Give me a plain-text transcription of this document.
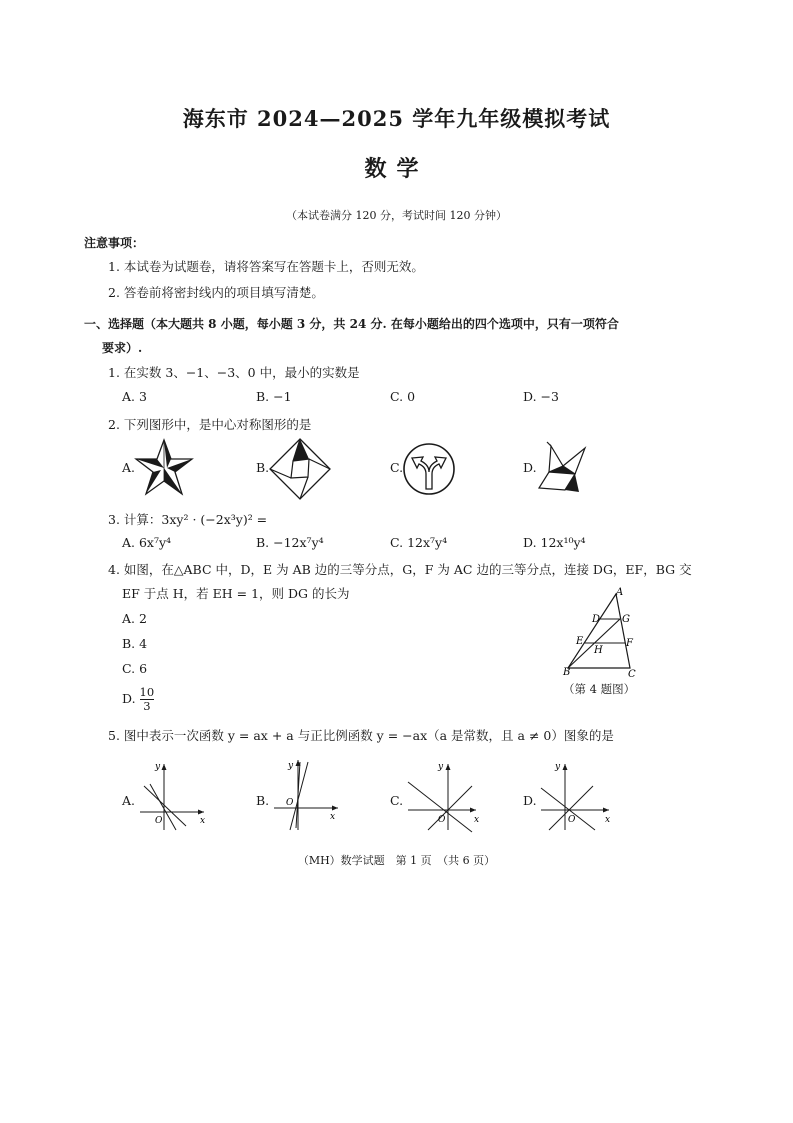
海东市 2024—2025 学年九年级模拟考试
数学
（本试卷满分 120 分，考试时间 120 分钟）
注意事项：
1. 本试卷为试题卷，请将答案写在答题卡上，否则无效。
2. 答卷前将密封线内的项目填写清楚。
一、选择题（本大题共 8 小题，每小题 3 分，共 24 分. 在每小题给出的四个选项中，只有一项符合
要求）.
1. 在实数 3、−1、−3、0 中，最小的实数是
A. 3	B. −1	C. 0	D. −3
2. 下列图形中，是中心对称图形的是
A.	B.	C.	D.
3. 计算：3xy² · (−2x³y)² =
A. 6x⁷y⁴	B. −12x⁷y⁴	C. 12x⁷y⁴	D. 12x¹⁰y⁴
4. 如图，在△ABC 中，D，E 为 AB 边的三等分点，G，F 为 AC 边的三等分点，连接 DG，EF，BG 交
EF 于点 H，若 EH = 1，则 DG 的长为
A. 2
B. 4
C. 6
D. $\frac{10}{3}$
A
D G
E	F
H
B	C
（第 4 题图）
5. 图中表示一次函数 y = ax + a 与正比例函数 y = −ax（a 是常数，且 a ≠ 0）图象的是
A.
x
y
O
B.
x
y
O	C.
x
y
O
D.
x
y
O
（MH）数学试题　第 1 页　（共 6 页）
